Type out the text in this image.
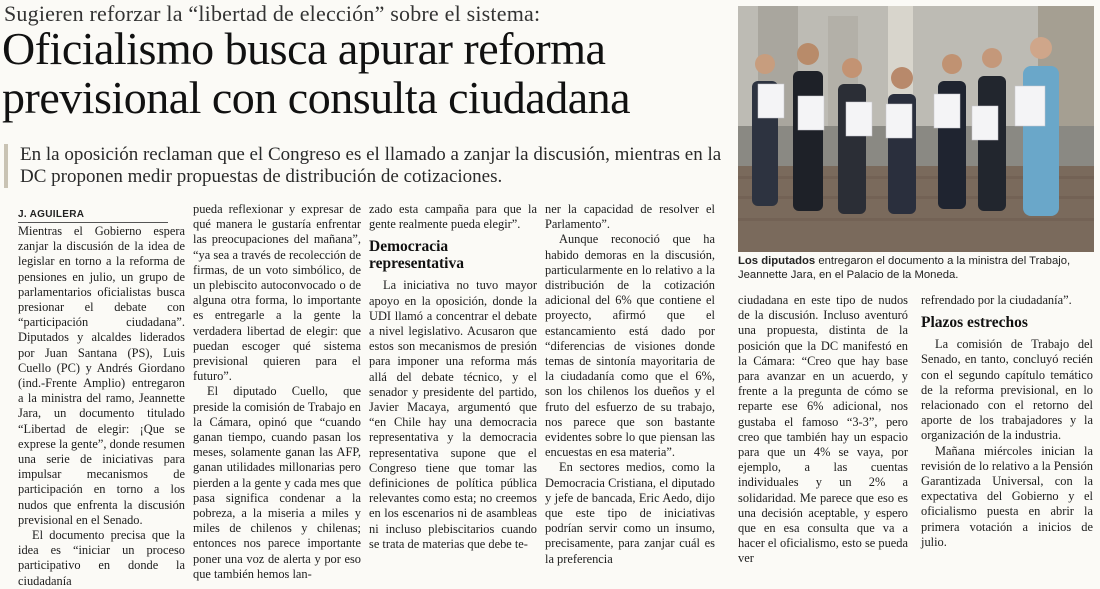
Sugieren reforzar la “libertad de elección” sobre el sistema:
Oficialismo busca apurar reforma previsional con consulta ciudadana
En la oposición reclaman que el Congreso es el llamado a zanjar la discusión, mientras en la DC proponen medir propuestas de distribución de cotizaciones.
J. AGUILERA

Mientras el Gobierno espera zanjar la discusión de la idea de legislar en torno a la reforma de pensiones en julio, un grupo de parlamentarios oficialistas busca presionar el debate con “participación ciudadana”. Diputados y alcaldes liderados por Juan Santana (PS), Luis Cuello (PC) y Andrés Giordano (ind.-Frente Amplio) entregaron a la ministra del ramo, Jeannette Jara, un documento titulado “Libertad de elegir: ¡Que se exprese la gente”, donde resumen una serie de iniciativas para impulsar mecanismos de participación en torno a los nudos que enfrenta la discusión previsional en el Senado.

El documento precisa que la idea es “iniciar un proceso participativo en donde la ciudadanía

pueda reflexionar y expresar de qué manera le gustaría enfrentar las preocupaciones del mañana”, “ya sea a través de recolección de firmas, de un voto simbólico, de un plebiscito autoconvocado o de alguna otra forma, lo importante es entregarle a la gente la verdadera libertad de elegir: que puedan escoger qué sistema previsional quieren para el futuro”.

El diputado Cuello, que preside la comisión de Trabajo en la Cámara, opinó que “cuando ganan tiempo, cuando pasan los meses, solamente ganan las AFP, ganan utilidades millonarias pero pierden a la gente y cada mes que pasa significa condenar a la pobreza, a la miseria a miles y miles de chilenos y chilenas; entonces nos parece importante poner una voz de alerta y por eso que también hemos lan-

zado esta campaña para que la gente realmente pueda elegir”.

Democracia representativa

La iniciativa no tuvo mayor apoyo en la oposición, donde la UDI llamó a concentrar el debate a nivel legislativo. Acusaron que estos son mecanismos de presión para imponer una reforma más allá del debate técnico, y el senador y presidente del partido, Javier Macaya, argumentó que “en Chile hay una democracia representativa y la democracia representativa supone que el Congreso tiene que tomar las definiciones de política pública relevantes como esta; no creemos en los escenarios ni de asambleas ni incluso plebiscitarios cuando se trata de materias que debe te-

ner la capacidad de resolver el Parlamento”.

Aunque reconoció que ha habido demoras en la discusión, particularmente en lo relativo a la distribución de la cotización adicional del 6% que contiene el proyecto, afirmó que el estancamiento está dado por “diferencias de visiones donde temas de sintonía mayoritaria de la ciudadanía como que el 6%, son los chilenos los dueños y el fruto del esfuerzo de su trabajo, nos parece que son bastante evidentes sobre lo que piensan las encuestas en esa materia”.

En sectores medios, como la Democracia Cristiana, el diputado y jefe de bancada, Eric Aedo, dijo que este tipo de iniciativas podrían servir como un insumo, precisamente, para zanjar cuál es la preferencia

Los diputados entregaron el documento a la ministra del Trabajo, Jeannette Jara, en el Palacio de la Moneda.

ciudadana en este tipo de nudos de la discusión. Incluso aventuró una propuesta, distinta de la posición que la DC manifestó en la Cámara: “Creo que hay base para avanzar en un acuerdo, y frente a la pregunta de cómo se reparte ese 6% adicional, nos gustaba el famoso “3-3”, pero creo que también hay un espacio para que un 4% se vaya, por ejemplo, a las cuentas individuales y un 2% a solidaridad. Me parece que eso es una decisión aceptable, y espero que en esa consulta que va a hacer el oficialismo, esto se pueda ver

refrendado por la ciudadanía”.

Plazos estrechos

La comisión de Trabajo del Senado, en tanto, concluyó recién con el segundo capítulo temático de la reforma previsional, en lo relacionado con el retorno del aporte de los trabajadores y la organización de la industria.

Mañana miércoles inician la revisión de lo relativo a la Pensión Garantizada Universal, con la expectativa del Gobierno y el oficialismo puesta en abrir la primera votación a inicios de julio.
